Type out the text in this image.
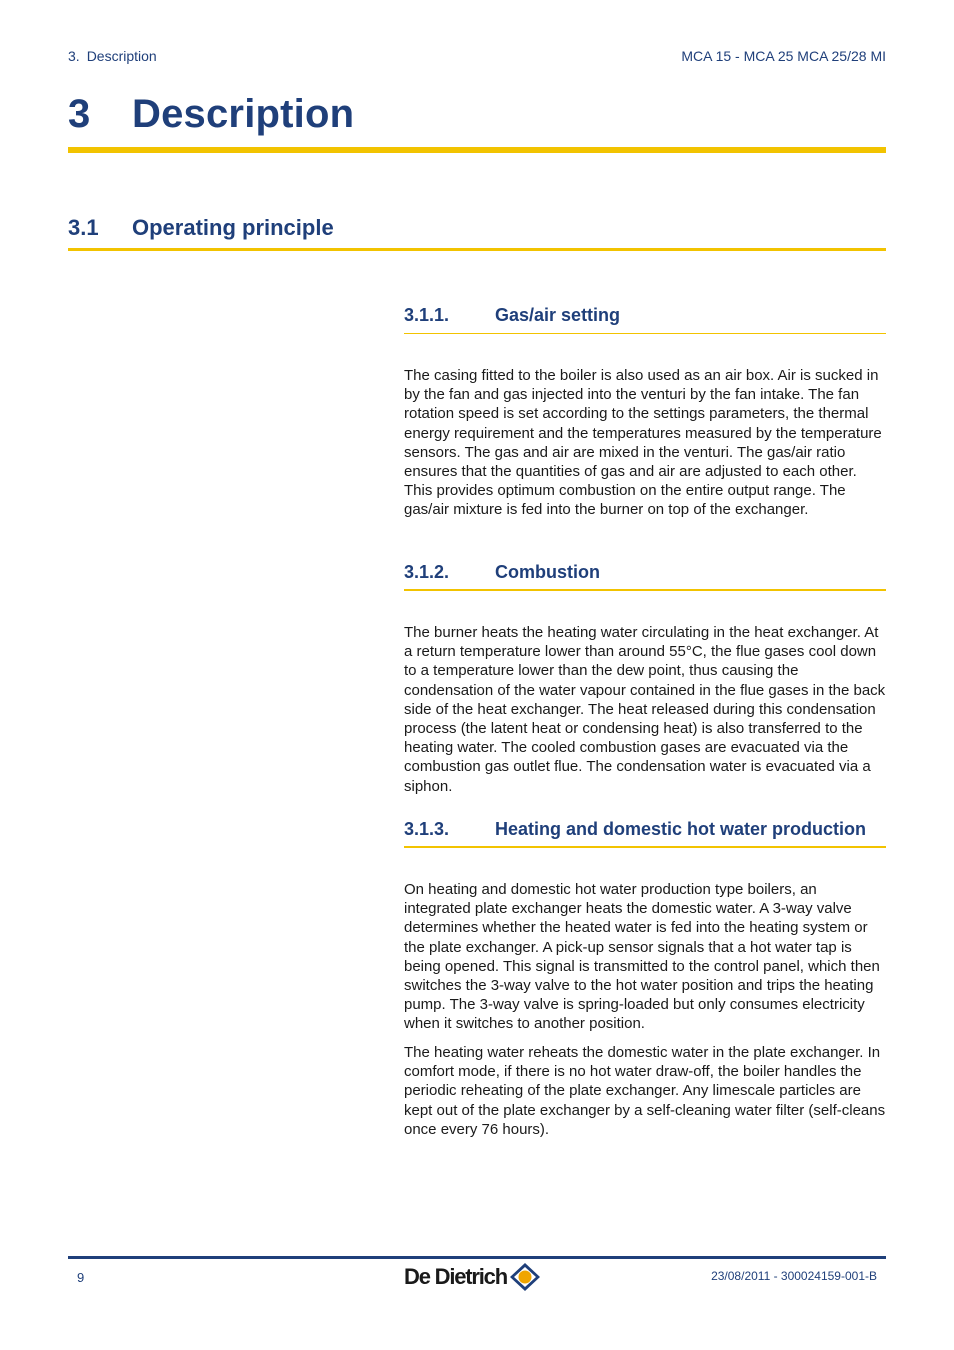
3. Description	MCA 15 - MCA 25 MCA 25/28 MI
3 Description
3.1 Operating principle
3.1.1.	Gas/air setting

The casing fitted to the boiler is also used as an air box. Air is sucked in by the fan and gas injected into the venturi by the fan intake. The fan rotation speed is set according to the settings parameters, the thermal energy requirement and the temperatures measured by the temperature sensors. The gas and air are mixed in the venturi. The gas/air ratio ensures that the quantities of gas and air are adjusted to each other. This provides optimum combustion on the entire output range. The gas/air mixture is fed into the burner on top of the exchanger.

3.1.2.	Combustion

The burner heats the heating water circulating in the heat exchanger. At a return temperature lower than around 55°C, the flue gases cool down to a temperature lower than the dew point, thus causing the condensation of the water vapour contained in the flue gases in the back side of the heat exchanger. The heat released during this condensation process (the latent heat or condensing heat) is also transferred to the heating water. The cooled combustion gases are evacuated via the combustion gas outlet flue. The condensation water is evacuated via a siphon.

3.1.3.	Heating and domestic hot water production

On heating and domestic hot water production type boilers, an integrated plate exchanger heats the domestic water. A 3-way valve determines whether the heated water is fed into the heating system or the plate exchanger. A pick-up sensor signals that a hot water tap is being opened. This signal is transmitted to the control panel, which then switches the 3-way valve to the hot water position and trips the heating pump. The 3-way valve is spring-loaded but only consumes electricity when it switches to another position.

The heating water reheats the domestic water in the plate exchanger. In comfort mode, if there is no hot water draw-off, the boiler handles the periodic reheating of the plate exchanger. Any limescale particles are kept out of the plate exchanger by a self-cleaning water filter (self-cleans once every 76 hours).

9	De Dietrich	23/08/2011 - 300024159-001-B
